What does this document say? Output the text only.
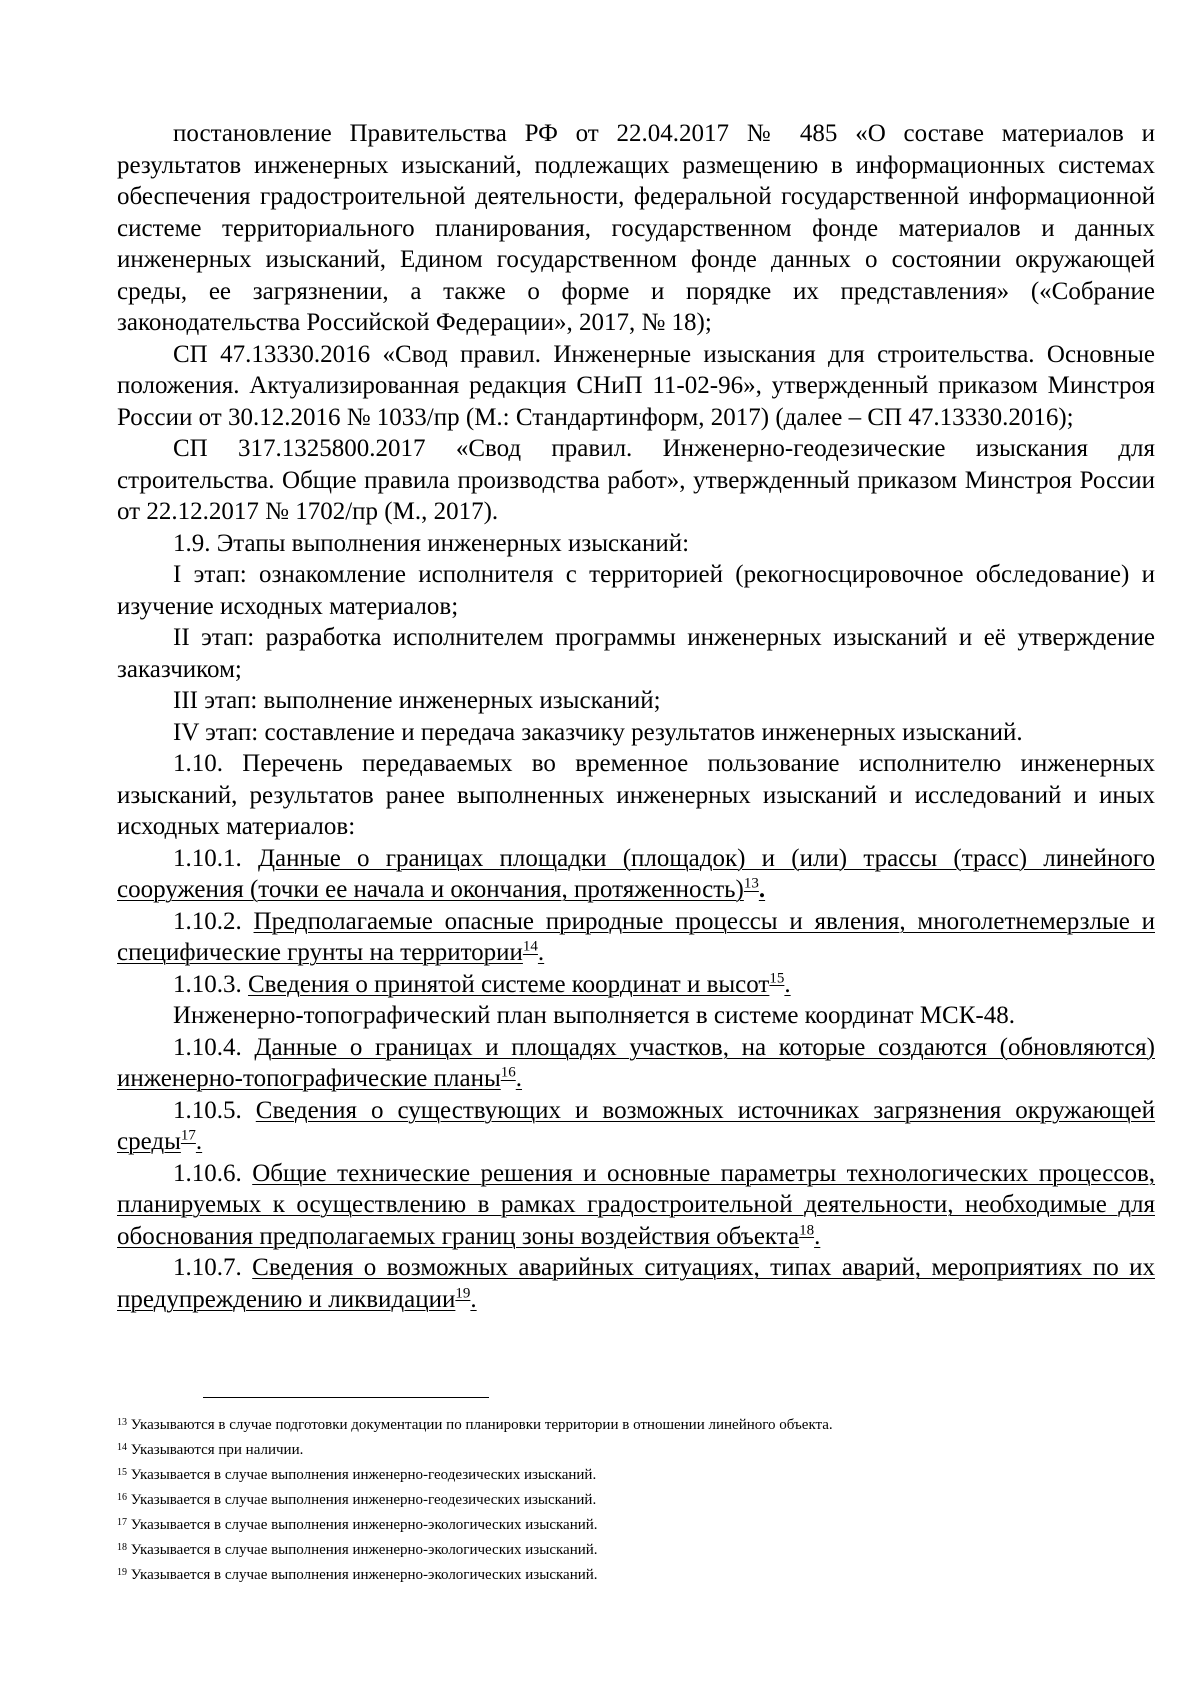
постановление Правительства РФ от 22.04.2017 № 485 «О составе материалов и результатов инженерных изысканий, подлежащих размещению в информационных системах обеспечения градостроительной деятельности, федеральной государственной информационной системе территориального планирования, государственном фонде материалов и данных инженерных изысканий, Едином государственном фонде данных о состоянии окружающей среды, ее загрязнении, а также о форме и порядке их представления» («Собрание законодательства Российской Федерации», 2017, № 18);

СП 47.13330.2016 «Свод правил. Инженерные изыскания для строительства. Основные положения. Актуализированная редакция СНиП 11-02-96», утвержденный приказом Минстроя России от 30.12.2016 № 1033/пр (М.: Стандартинформ, 2017) (далее – СП 47.13330.2016);

СП 317.1325800.2017 «Свод правил. Инженерно-геодезические изыскания для строительства. Общие правила производства работ», утвержденный приказом Минстроя России от 22.12.2017 № 1702/пр (М., 2017).

1.9. Этапы выполнения инженерных изысканий:

I этап: ознакомление исполнителя с территорией (рекогносцировочное обследование) и изучение исходных материалов;

II этап: разработка исполнителем программы инженерных изысканий и её утверждение заказчиком;

III этап: выполнение инженерных изысканий;

IV этап: составление и передача заказчику результатов инженерных изысканий.

1.10. Перечень передаваемых во временное пользование исполнителю инженерных изысканий, результатов ранее выполненных инженерных изысканий и исследований и иных исходных материалов:

1.10.1. Данные о границах площадки (площадок) и (или) трассы (трасс) линейного сооружения (точки ее начала и окончания, протяженность)$^{13}$.

1.10.2. Предполагаемые опасные природные процессы и явления, многолетнемерзлые и специфические грунты на территории$^{14}$.

1.10.3. Сведения о принятой системе координат и высот$^{15}$.

Инженерно-топографический план выполняется в системе координат МСК-48.

1.10.4. Данные о границах и площадях участков, на которые создаются (обновляются) инженерно-топографические планы$^{16}$.

1.10.5. Сведения о существующих и возможных источниках загрязнения окружающей среды$^{17}$.

1.10.6. Общие технические решения и основные параметры технологических процессов, планируемых к осуществлению в рамках градостроительной деятельности, необходимые для обоснования предполагаемых границ зоны воздействия объекта$^{18}$.

1.10.7. Сведения о возможных аварийных ситуациях, типах аварий, мероприятиях по их предупреждению и ликвидации$^{19}$.

$^{13}$ Указываются в случае подготовки документации по планировки территории в отношении линейного объекта.

$^{14}$ Указываются при наличии.

$^{15}$ Указывается в случае выполнения инженерно-геодезических изысканий.

$^{16}$ Указывается в случае выполнения инженерно-геодезических изысканий.

$^{17}$ Указывается в случае выполнения инженерно-экологических изысканий.

$^{18}$ Указывается в случае выполнения инженерно-экологических изысканий.

$^{19}$ Указывается в случае выполнения инженерно-экологических изысканий.
